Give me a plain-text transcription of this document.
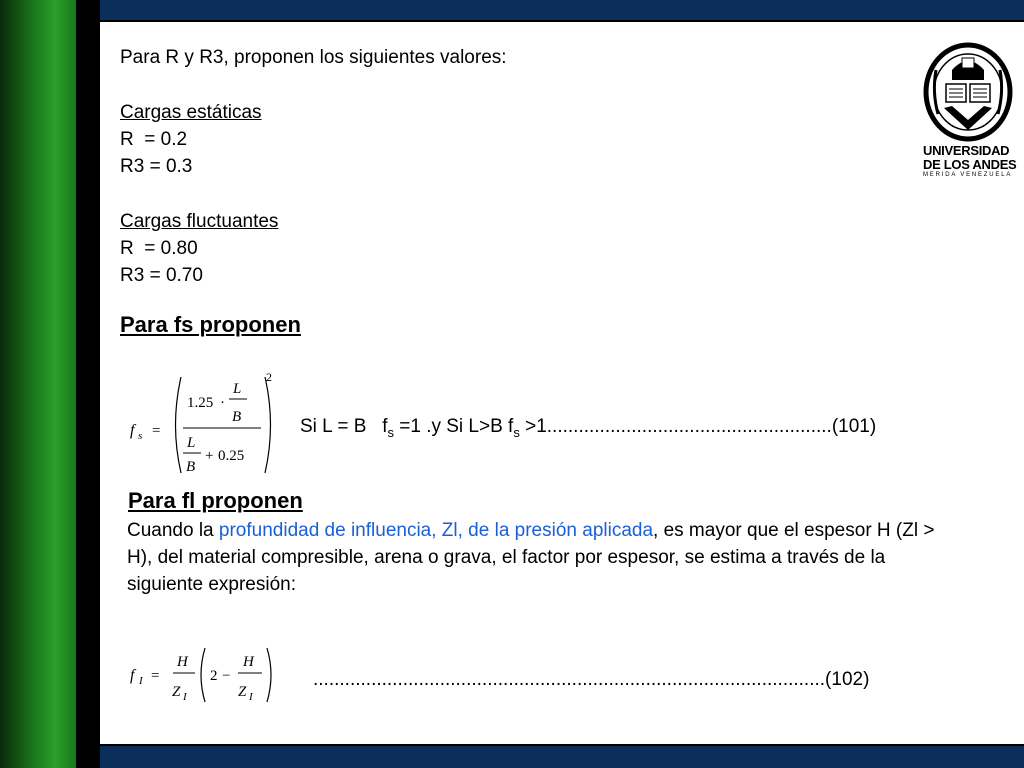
Para R y R3, proponen los siguientes valores:
Cargas estáticas
R  = 0.2
R3 = 0.3
Cargas fluctuantes
R  = 0.80
R3 = 0.70
Para fs proponen
f s =
2
1.25 ·
L
B
L
B
+ 0.25
Si L = B   $f_s =1$ .y Si L>B $f_s >1......................................................(101)$
Para fl proponen
Cuando la profundidad de influencia, Zl, de la presión aplicada, es mayor que el espesor H (Zl > H), del material compresible, arena o grava, el factor por espesor, se estima a través de la siguiente expresión:
f I =
H
Z I
2 −
H
Z I
.................................................................................................(102)
UNIVERSIDAD
DE LOS ANDES
MERIDA VENEZUELA
